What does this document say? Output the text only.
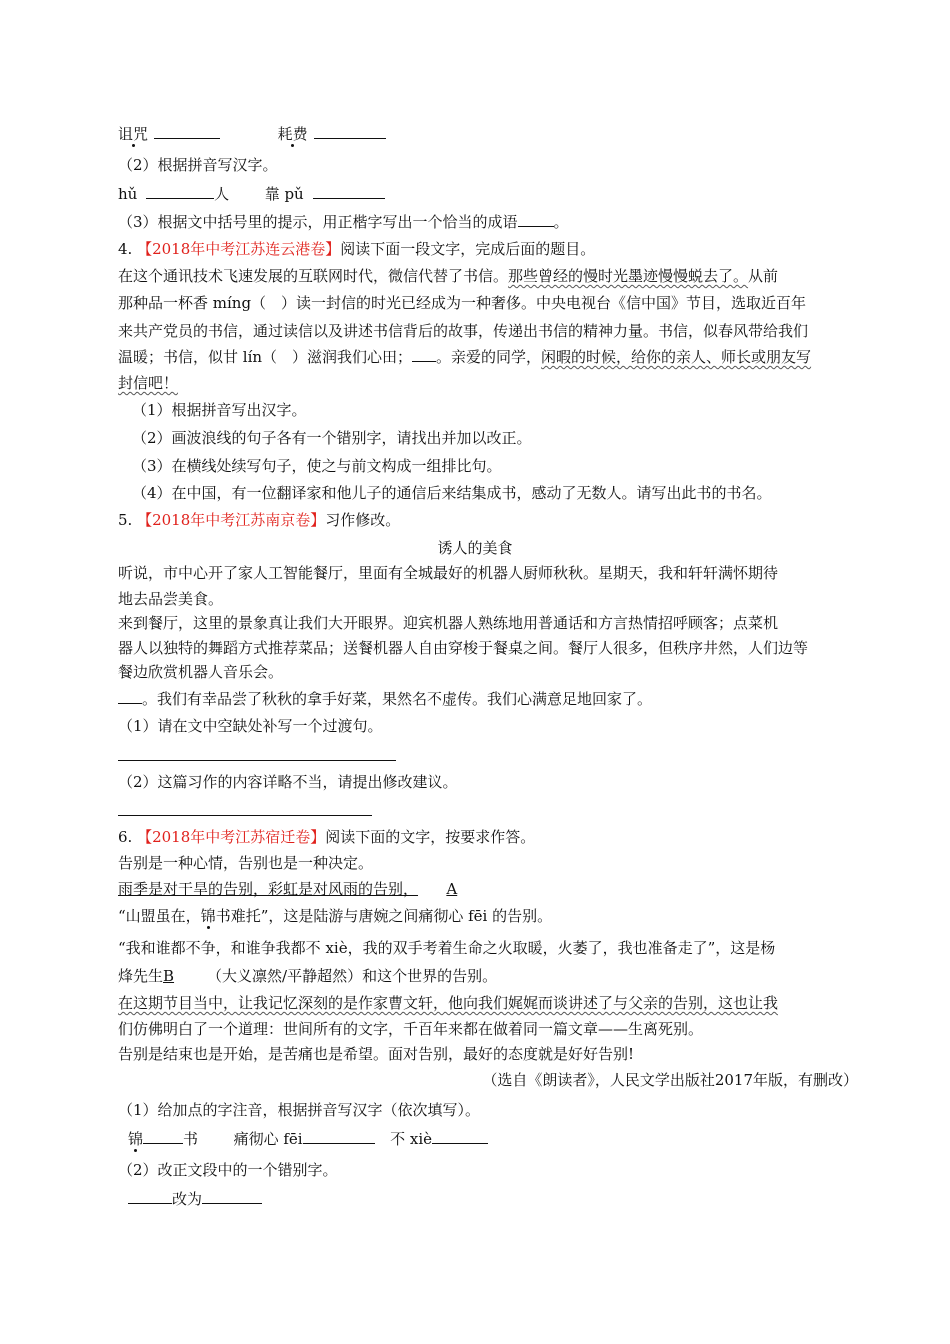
诅咒	耗费
（2）根据拼音写汉字。
hǔ	人 靠 pǔ
（3）根据文中括号里的提示，用正楷字写出一个恰当的成语 。
4. 【2018年中考江苏连云港卷】阅读下面一段文字，完成后面的题目。
在这个通讯技术飞速发展的互联网时代，微信代替了书信。那些曾经的慢时光墨迹慢慢蜕去了。从前
那种品一杯香 míng（　）读一封信的时光已经成为一种奢侈。中央电视台《信中国》节目，选取近百年
来共产党员的书信，通过读信以及讲述书信背后的故事，传递出书信的精神力量。书信，似春风带给我们
温暖；书信，似甘 lín（　）滋润我们心田； 。亲爱的同学，闲暇的时候，给你的亲人、师长或朋友写
封信吧！
（1）根据拼音写出汉字。
（2）画波浪线的句子各有一个错别字，请找出并加以改正。
（3）在横线处续写句子，使之与前文构成一组排比句。
（4）在中国，有一位翻译家和他儿子的通信后来结集成书，感动了无数人。请写出此书的书名。
5. 【2018年中考江苏南京卷】习作修改。
诱人的美食
听说，市中心开了家人工智能餐厅，里面有全城最好的机器人厨师秋秋。星期天，我和轩轩满怀期待
地去品尝美食。
来到餐厅，这里的景象真让我们大开眼界。迎宾机器人熟练地用普通话和方言热情招呼顾客；点菜机
器人以独特的舞蹈方式推荐菜品；送餐机器人自由穿梭于餐桌之间。餐厅人很多，但秩序井然，人们边等
餐边欣赏机器人音乐会。
。我们有幸品尝了秋秋的拿手好菜，果然名不虚传。我们心满意足地回家了。
（1）请在文中空缺处补写一个过渡句。
（2）这篇习作的内容详略不当，请提出修改建议。
6. 【2018年中考江苏宿迁卷】阅读下面的文字，按要求作答。
告别是一种心情，告别也是一种决定。
雨季是对干旱的告别，彩虹是对风雨的告别， A
“山盟虽在，锦书难托”，这是陆游与唐婉之间痛彻心 fēi 的告别。
“我和谁都不争，和谁争我都不 xiè，我的双手考着生命之火取暖，火萎了，我也准备走了”，这是杨
烽先生B （大义凛然/平静超然）和这个世界的告别。
在这期节目当中，让我记忆深刻的是作家曹文轩，他向我们娓娓而谈讲述了与父亲的告别，这也让我
们仿佛明白了一个道理：世间所有的文字，千百年来都在做着同一篇文章——生离死别。
告别是结束也是开始，是苦痛也是希望。面对告别，最好的态度就是好好告别!
（选自《朗读者》，人民文学出版社2017年版，有删改）
（1）给加点的字注音，根据拼音写汉字（依次填写）。
锦	书 痛彻心 fēi	不 xiè
（2）改正文段中的一个错别字。
改为
